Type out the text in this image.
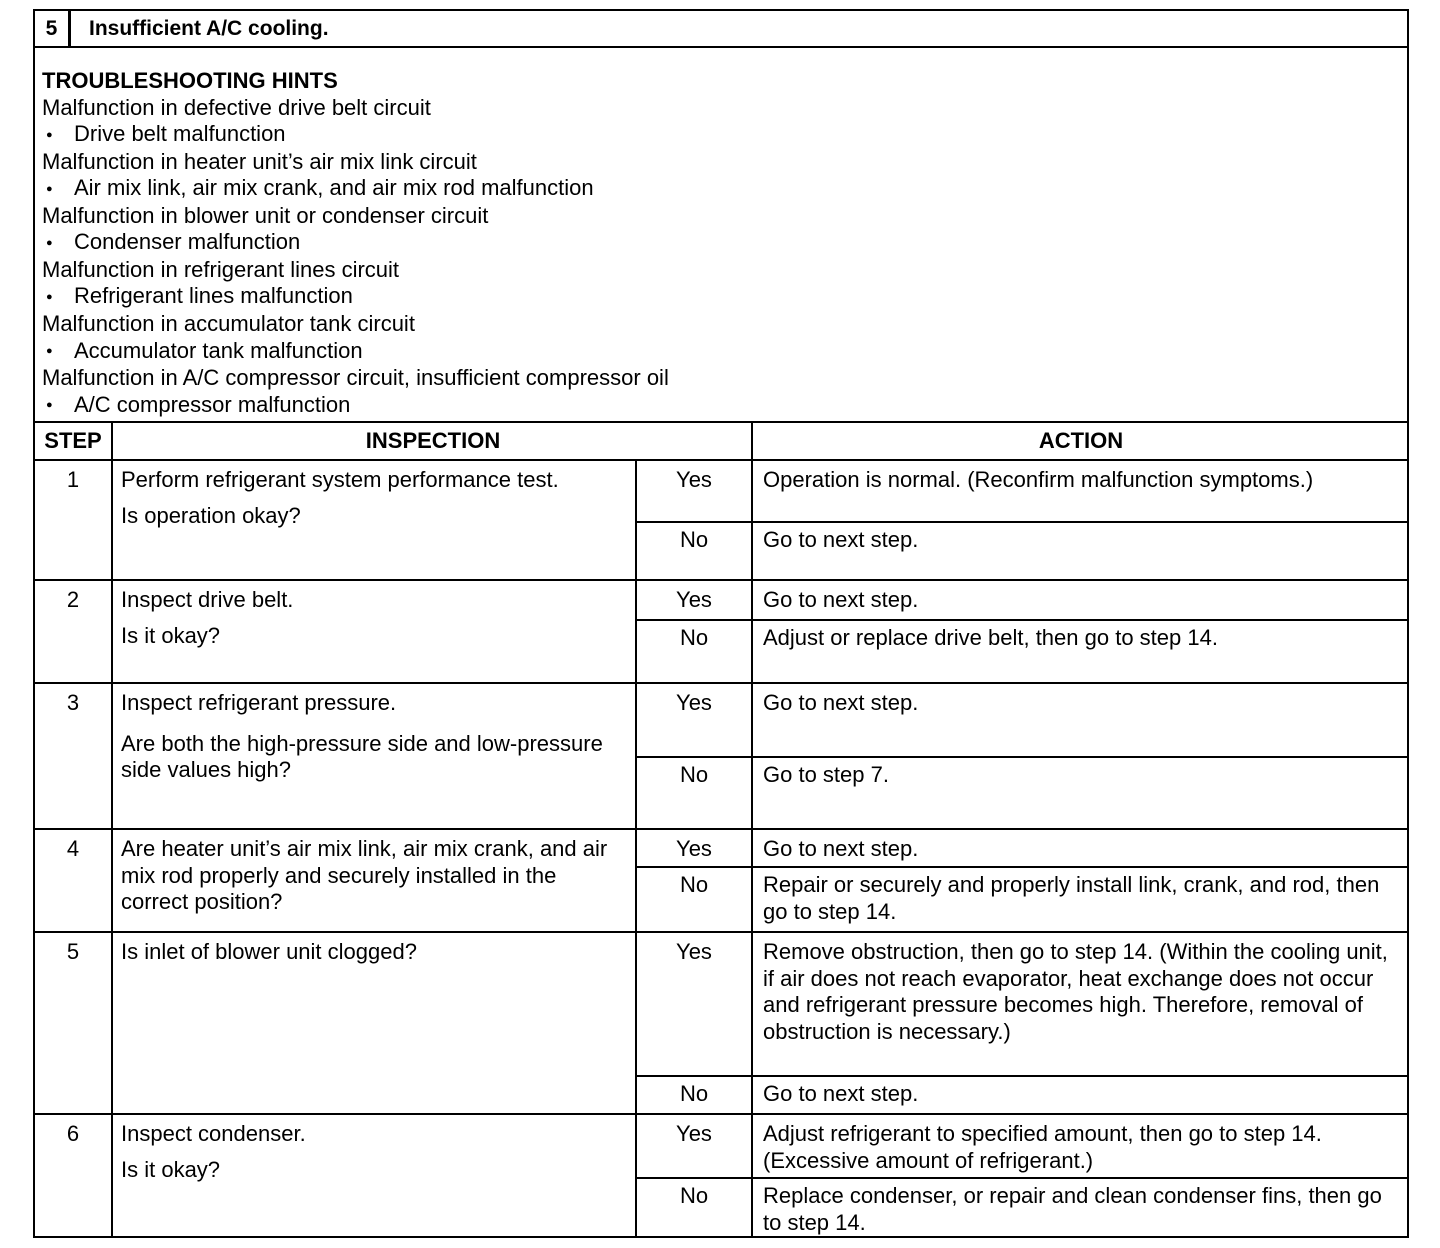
5	Insufficient A/C cooling.
TROUBLESHOOTING HINTS
Malfunction in defective drive belt circuit
● Drive belt malfunction
Malfunction in heater unit’s air mix link circuit
● Air mix link, air mix crank, and air mix rod malfunction
Malfunction in blower unit or condenser circuit
● Condenser malfunction
Malfunction in refrigerant lines circuit
● Refrigerant lines malfunction
Malfunction in accumulator tank circuit
● Accumulator tank malfunction
Malfunction in A/C compressor circuit, insufficient compressor oil
● A/C compressor malfunction
STEP	INSPECTION	ACTION
1	Perform refrigerant system performance test.
Is operation okay?
Yes	Operation is normal. (Reconfirm malfunction symptoms.)
No	Go to next step.
2	Inspect drive belt.
Is it okay?
Yes	Go to next step.
No	Adjust or replace drive belt, then go to step 14.
3	Inspect refrigerant pressure.
Are both the high-pressure side and low-pressure side values high?
Yes	Go to next step.
No	Go to step 7.
4	Are heater unit’s air mix link, air mix crank, and air mix rod properly and securely installed in the correct position?
Yes	Go to next step.
No	Repair or securely and properly install link, crank, and rod, then go to step 14.
5	Is inlet of blower unit clogged?	Yes	Remove obstruction, then go to step 14. (Within the cooling unit, if air does not reach evaporator, heat exchange does not occur and refrigerant pressure becomes high. Therefore, removal of obstruction is necessary.)
No	Go to next step.
6	Inspect condenser.
Is it okay?
Yes	Adjust refrigerant to specified amount, then go to step 14. (Excessive amount of refrigerant.)
No	Replace condenser, or repair and clean condenser fins, then go to step 14.
